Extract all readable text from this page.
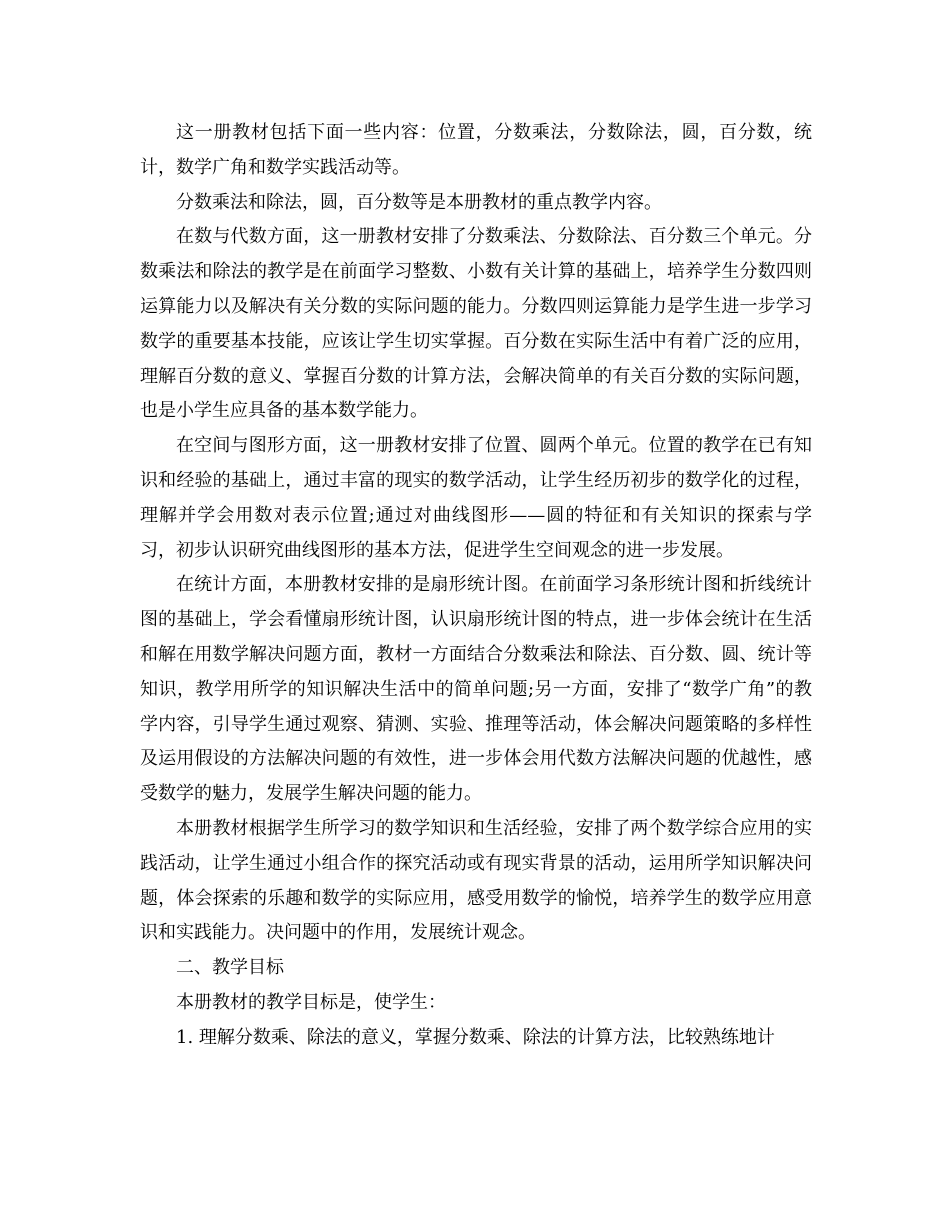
这一册教材包括下面一些内容：位置，分数乘法，分数除法，圆，百分数，统计，数学广角和数学实践活动等。

分数乘法和除法，圆，百分数等是本册教材的重点教学内容。

在数与代数方面，这一册教材安排了分数乘法、分数除法、百分数三个单元。分数乘法和除法的教学是在前面学习整数、小数有关计算的基础上，培养学生分数四则运算能力以及解决有关分数的实际问题的能力。分数四则运算能力是学生进一步学习数学的重要基本技能，应该让学生切实掌握。百分数在实际生活中有着广泛的应用，理解百分数的意义、掌握百分数的计算方法，会解决简单的有关百分数的实际问题，也是小学生应具备的基本数学能力。

在空间与图形方面，这一册教材安排了位置、圆两个单元。位置的教学在已有知识和经验的基础上，通过丰富的现实的数学活动，让学生经历初步的数学化的过程，理解并学会用数对表示位置;通过对曲线图形——圆的特征和有关知识的探索与学习，初步认识研究曲线图形的基本方法，促进学生空间观念的进一步发展。

在统计方面，本册教材安排的是扇形统计图。在前面学习条形统计图和折线统计图的基础上，学会看懂扇形统计图，认识扇形统计图的特点，进一步体会统计在生活和解在用数学解决问题方面，教材一方面结合分数乘法和除法、百分数、圆、统计等知识，教学用所学的知识解决生活中的简单问题;另一方面，安排了“数学广角”的教学内容，引导学生通过观察、猜测、实验、推理等活动，体会解决问题策略的多样性及运用假设的方法解决问题的有效性，进一步体会用代数方法解决问题的优越性，感受数学的魅力，发展学生解决问题的能力。

本册教材根据学生所学习的数学知识和生活经验，安排了两个数学综合应用的实践活动，让学生通过小组合作的探究活动或有现实背景的活动，运用所学知识解决问题，体会探索的乐趣和数学的实际应用，感受用数学的愉悦，培养学生的数学应用意识和实践能力。决问题中的作用，发展统计观念。

二、教学目标

本册教材的教学目标是，使学生：

1. 理解分数乘、除法的意义，掌握分数乘、除法的计算方法，比较熟练地计
